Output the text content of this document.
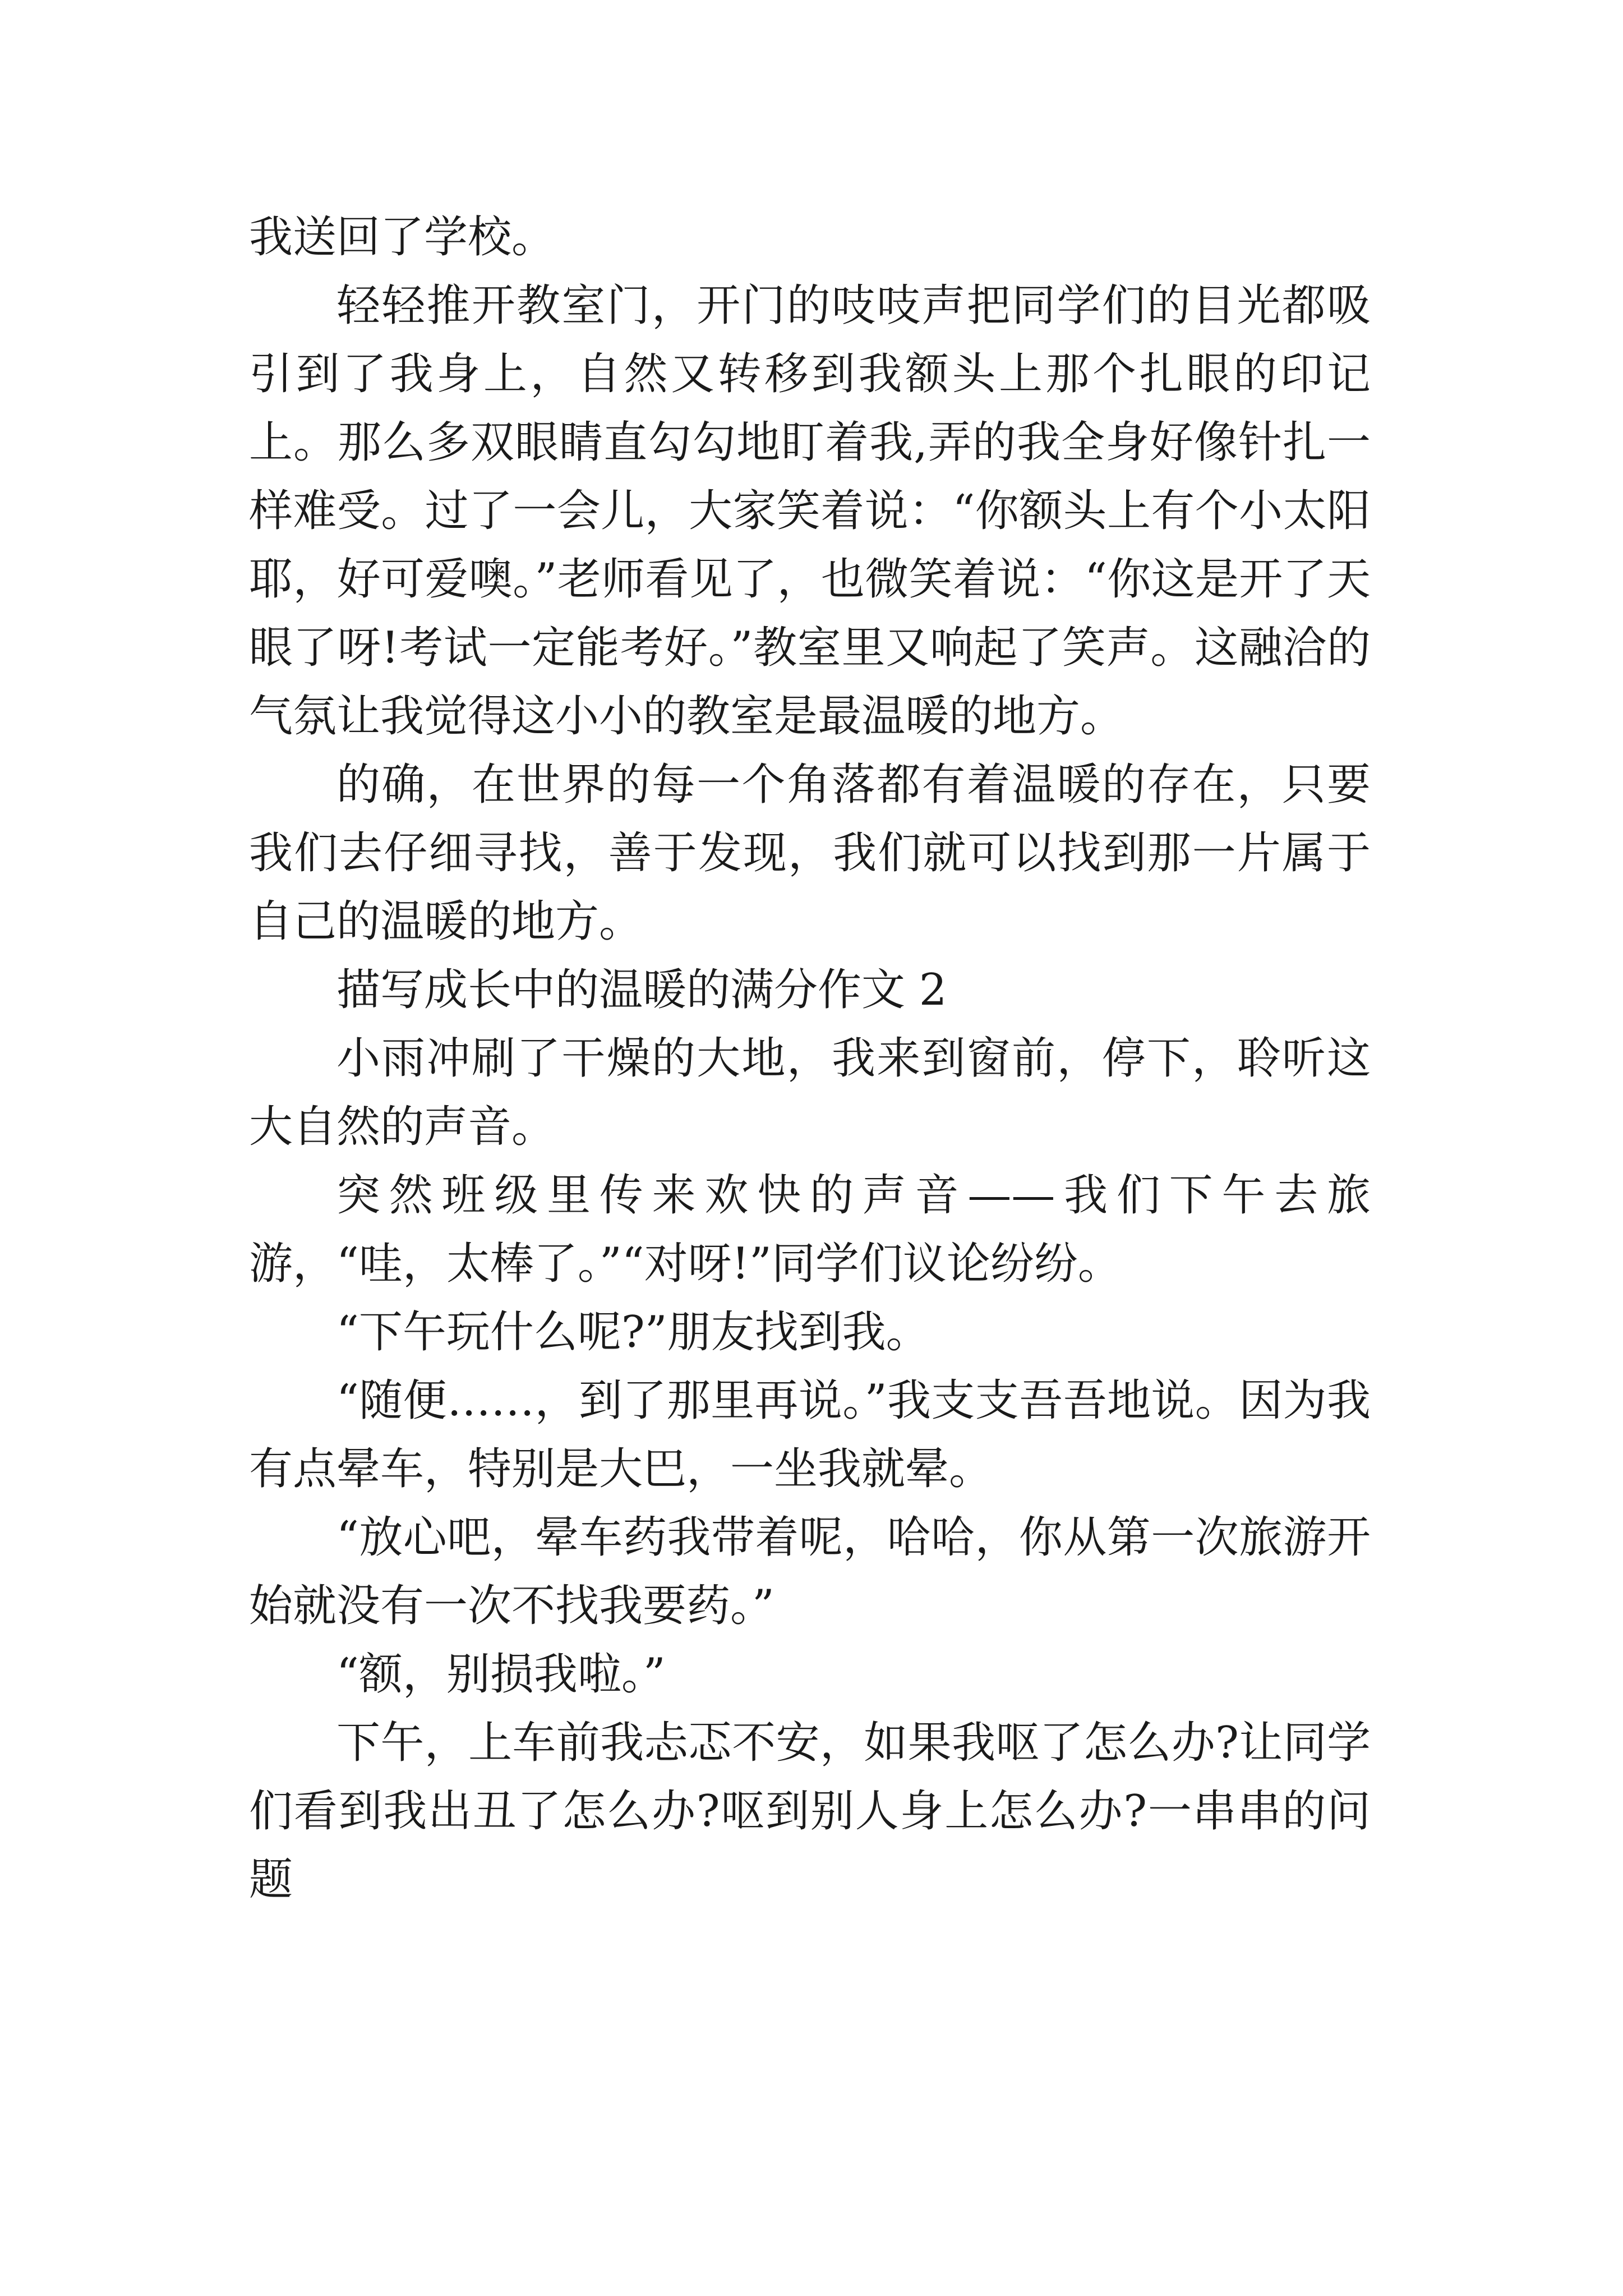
我送回了学校。

轻轻推开教室门，开门的吱吱声把同学们的目光都吸引到了我身上，自然又转移到我额头上那个扎眼的印记上。那么多双眼睛直勾勾地盯着我,弄的我全身好像针扎一样难受。过了一会儿，大家笑着说：“你额头上有个小太阳耶，好可爱噢。”老师看见了，也微笑着说：“你这是开了天眼了呀!考试一定能考好。”教室里又响起了笑声。这融洽的气氛让我觉得这小小的教室是最温暖的地方。

的确，在世界的每一个角落都有着温暖的存在，只要我们去仔细寻找，善于发现，我们就可以找到那一片属于自己的温暖的地方。

描写成长中的温暖的满分作文 2

小雨冲刷了干燥的大地，我来到窗前，停下，聆听这大自然的声音。

突然班级里传来欢快的声音——我们下午去旅游，“哇，太棒了。”“对呀!”同学们议论纷纷。

“下午玩什么呢?”朋友找到我。

“随便……，到了那里再说。”我支支吾吾地说。因为我有点晕车，特别是大巴，一坐我就晕。

“放心吧，晕车药我带着呢，哈哈，你从第一次旅游开始就没有一次不找我要药。”

“额，别损我啦。”

下午，上车前我忐忑不安，如果我呕了怎么办?让同学们看到我出丑了怎么办?呕到别人身上怎么办?一串串的问题
